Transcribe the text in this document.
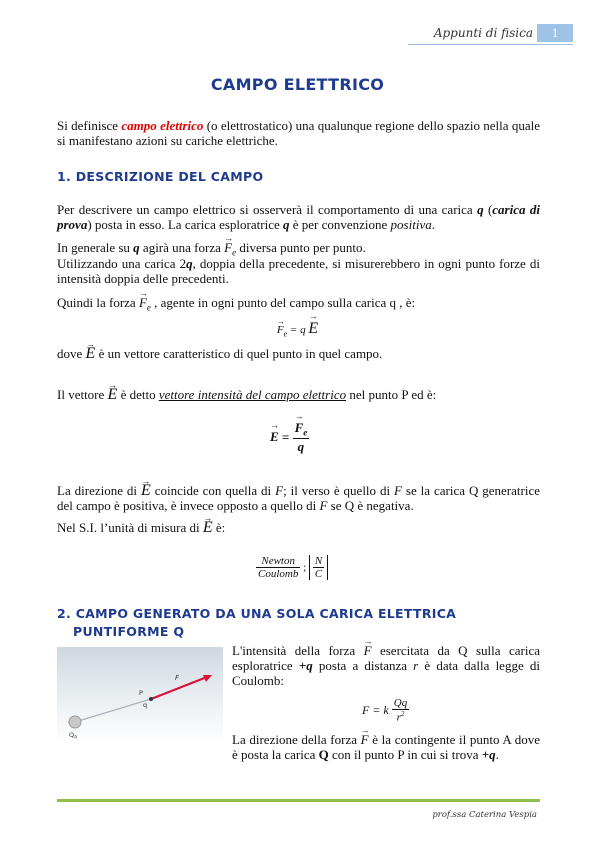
Appunti di fisica	1
CAMPO ELETTRICO
Si definisce campo elettrico (o elettrostatico) una qualunque regione dello spazio nella quale si manifestano azioni su cariche elettriche.
1. DESCRIZIONE DEL CAMPO
Per descrivere un campo elettrico si osserverà il comportamento di una carica q (carica di prova) posta in esso. La carica esploratrice q è per convenzione positiva.
In generale su q agirà una forza → $F_e$ diversa punto per punto.
Utilizzando una carica 2q, doppia della precedente, si misurerebbero in ogni punto forze di intensità doppia delle precedenti.
Quindi la forza → $F_e$ , agente in ogni punto del campo sulla carica q , è:
→ $F_e = q \to E$
dove → E è un vettore caratteristico di quel punto in quel campo.
Il vettore → E è detto vettore intensità del campo elettrico nel punto P ed è:
→ E =
→ $\frac{F_e}{q}$
La direzione di → E coincide con quella di F; il verso è quello di F se la carica Q generatrice del campo è positiva, è invece opposto a quello di F se Q è negativa.
Nel S.I. l’unità di misura di → E è:
$\frac{\text{Newton}}{\text{Coulomb}}$ ; $\frac{N}{C}$
2. CAMPO GENERATO DA UNA SOLA CARICA ELETTRICA
PUNTIFORME Q
F
P
q
$Q_A$
L'intensità della forza → F esercitata da Q sulla carica esploratrice +q posta a distanza r è data dalla legge di Coulomb:
F = k $\frac{Qq}{r^2}$
La direzione della forza → F è la contingente il punto A dove è posta la carica Q con il punto P in cui si trova +q.
prof.ssa Caterina Vespia
